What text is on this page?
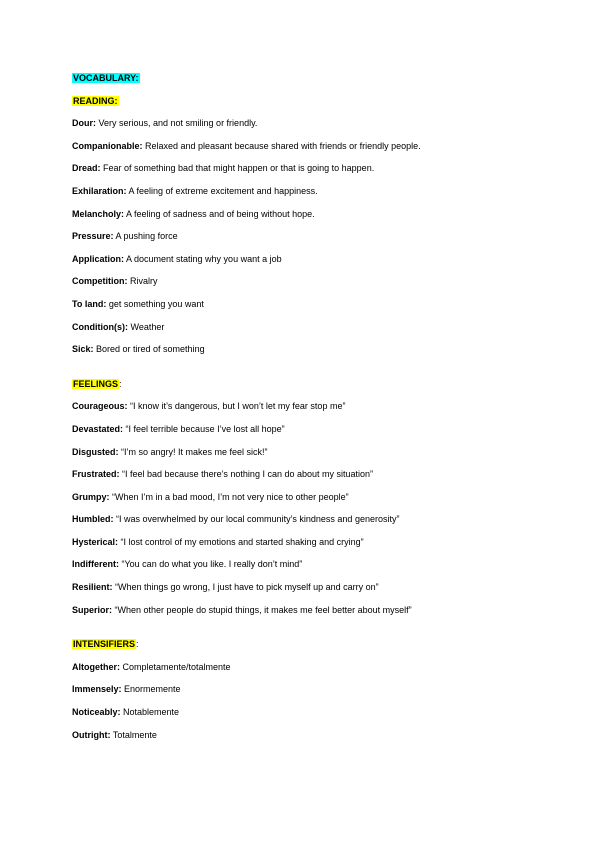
VOCABULARY:
READING:
Dour: Very serious, and not smiling or friendly.
Companionable: Relaxed and pleasant because shared with friends or friendly people.
Dread: Fear of something bad that might happen or that is going to happen.
Exhilaration: A feeling of extreme excitement and happiness.
Melancholy: A feeling of sadness and of being without hope.
Pressure: A pushing force
Application: A document stating why you want a job
Competition: Rivalry
To land: get something you want
Condition(s): Weather
Sick: Bored or tired of something
FEELINGS:
Courageous: “I know it’s dangerous, but I won’t let my fear stop me”
Devastated: “I feel terrible because I’ve lost all hope”
Disgusted: “I’m so angry! It makes me feel sick!”
Frustrated: “I feel bad because there’s nothing I can do about my situation”
Grumpy: “When I’m in a bad mood, I’m not very nice to other people”
Humbled: “I was overwhelmed by our local community’s kindness and generosity”
Hysterical: “I lost control of my emotions and started shaking and crying”
Indifferent: “You can do what you like. I really don’t mind”
Resilient: “When things go wrong, I just have to pick myself up and carry on”
Superior: “When other people do stupid things, it makes me feel better about myself”
INTENSIFIERS:
Altogether: Completamente/totalmente
Immensely: Enormemente
Noticeably: Notablemente
Outright: Totalmente
